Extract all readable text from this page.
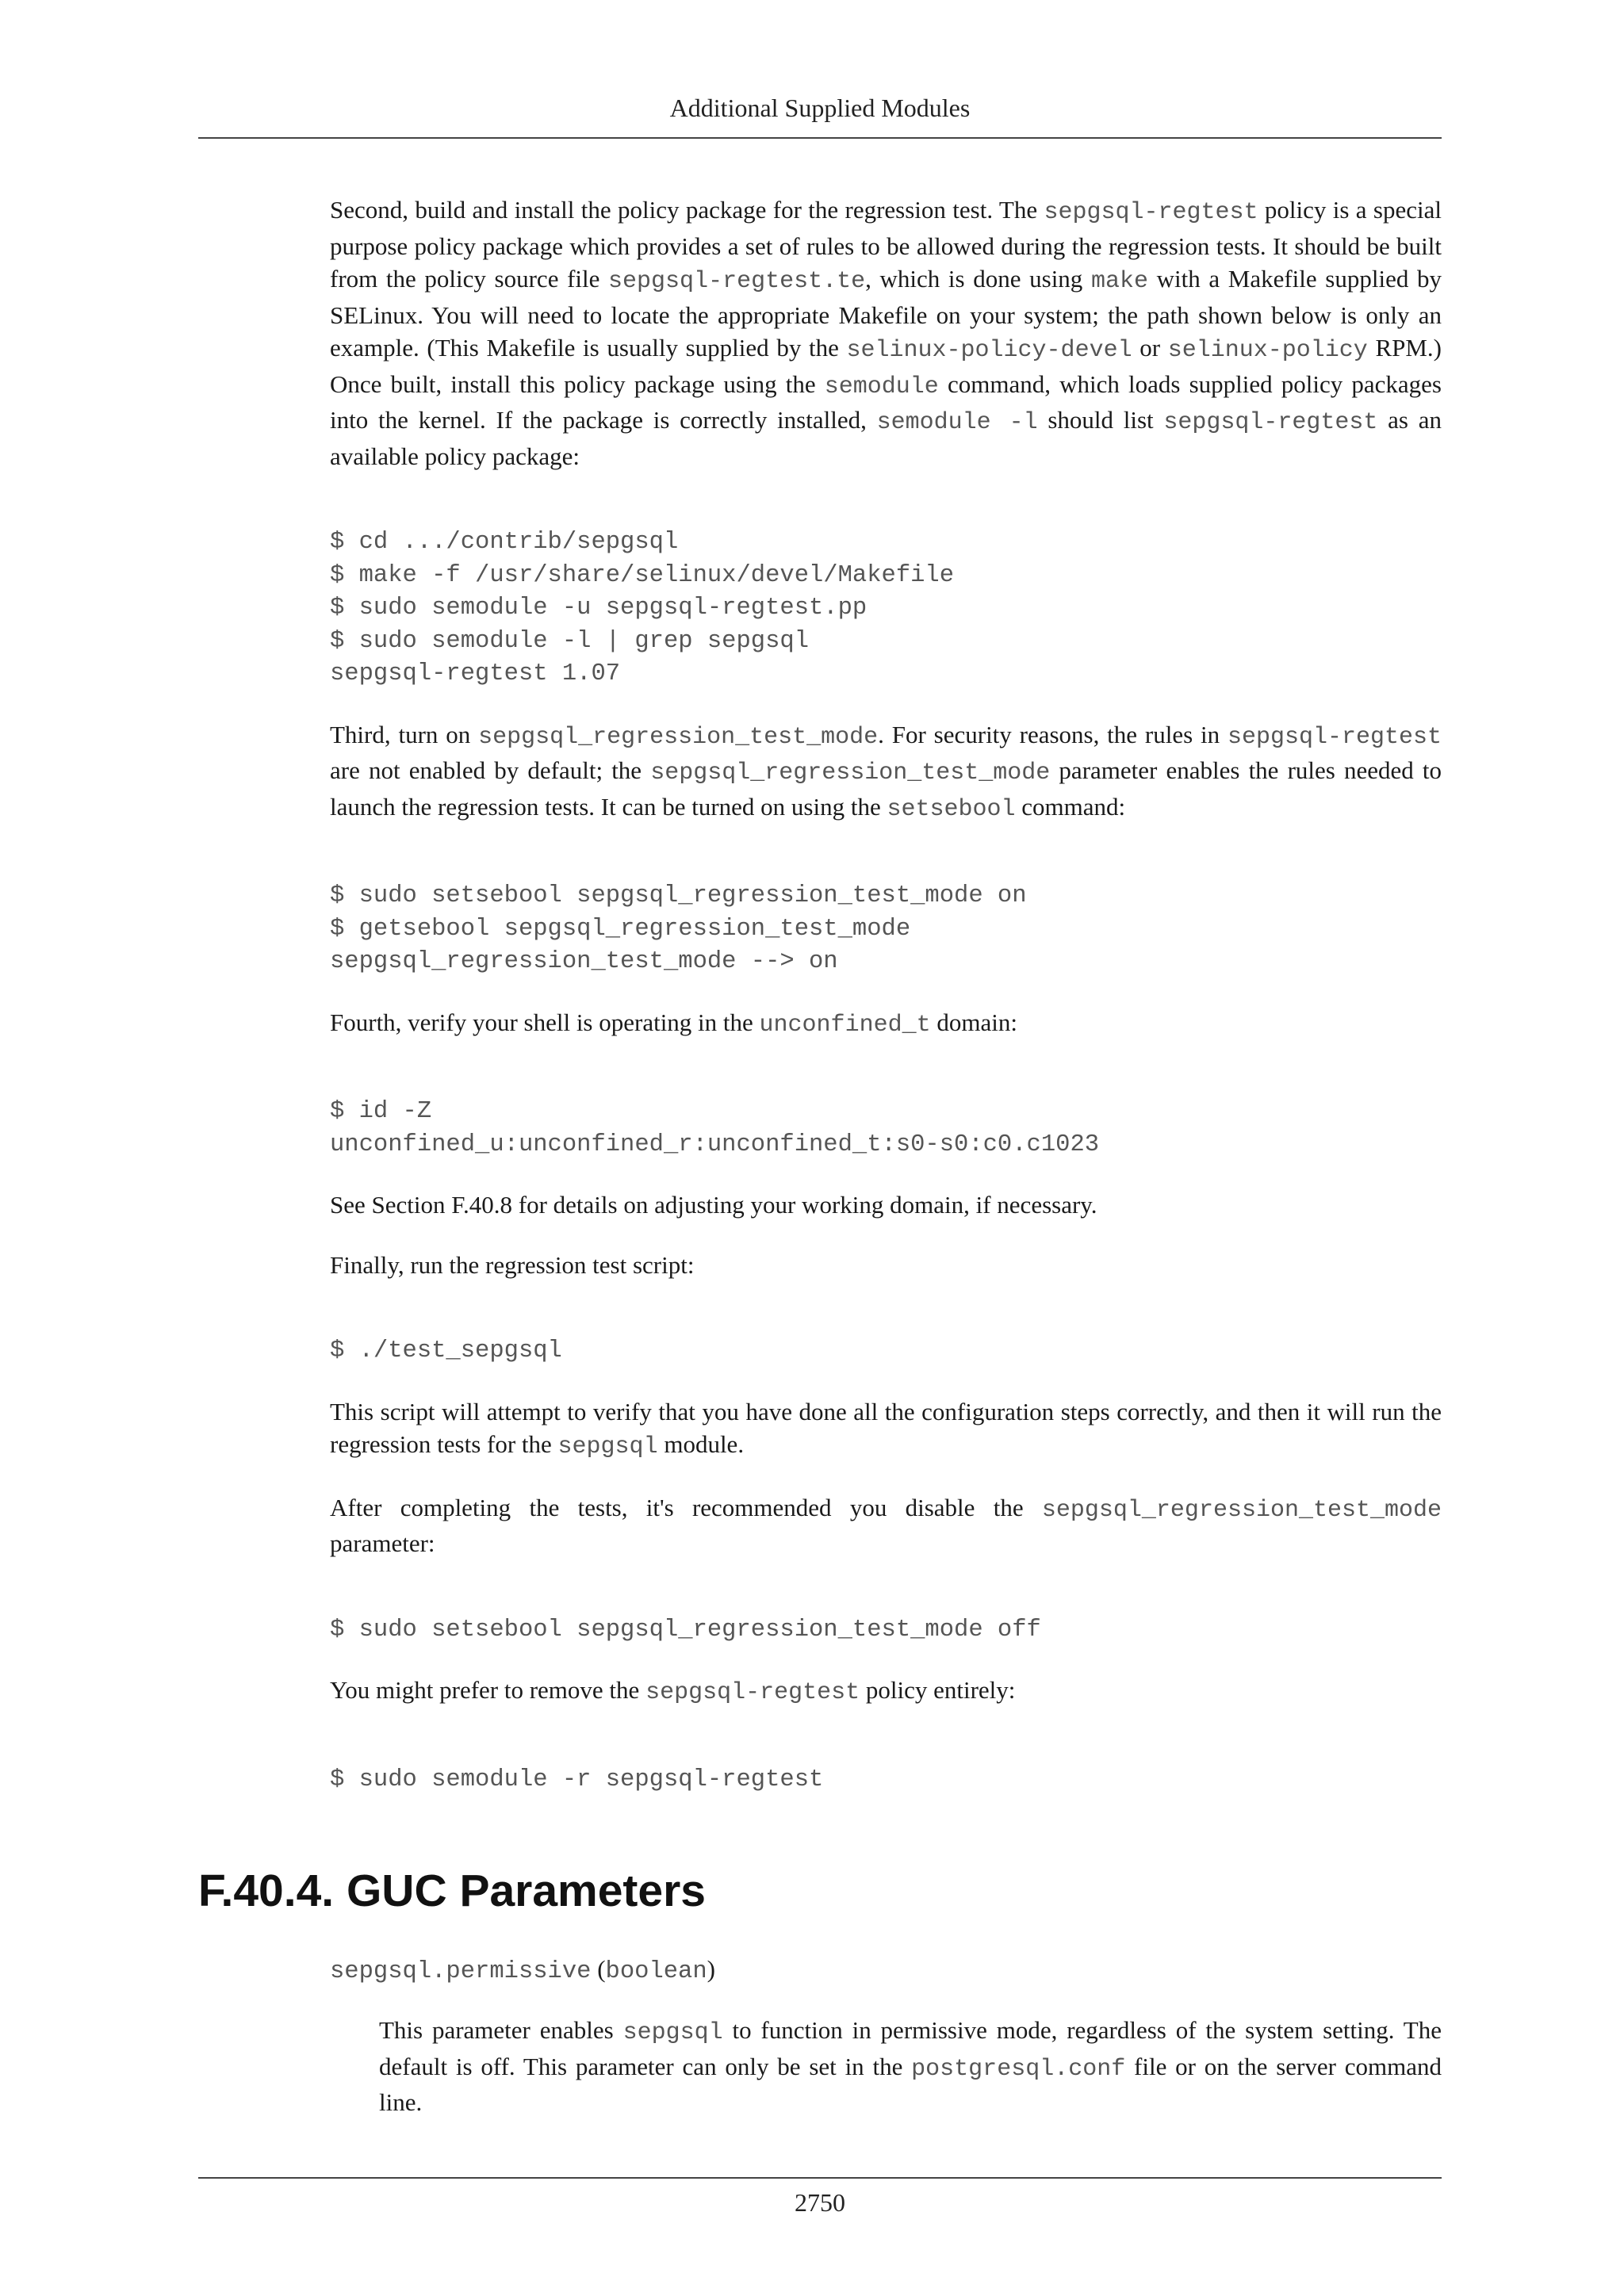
Additional Supplied Modules

Second, build and install the policy package for the regression test. The sepgsql-regtest policy is a special purpose policy package which provides a set of rules to be allowed during the regression tests. It should be built from the policy source file sepgsql-regtest.te, which is done using make with a Makefile supplied by SELinux. You will need to locate the appropriate Makefile on your system; the path shown below is only an example. (This Makefile is usually supplied by the selinux-policy-devel or selinux-policy RPM.) Once built, install this policy package using the semodule command, which loads supplied policy packages into the kernel. If the package is correctly installed, semodule -l should list sepgsql-regtest as an available policy package:

$ cd .../contrib/sepgsql
$ make -f /usr/share/selinux/devel/Makefile
$ sudo semodule -u sepgsql-regtest.pp
$ sudo semodule -l | grep sepgsql
sepgsql-regtest 1.07

Third, turn on sepgsql_regression_test_mode. For security reasons, the rules in sepgsql-regtest are not enabled by default; the sepgsql_regression_test_mode parameter enables the rules needed to launch the regression tests. It can be turned on using the setsebool command:

$ sudo setsebool sepgsql_regression_test_mode on
$ getsebool sepgsql_regression_test_mode
sepgsql_regression_test_mode --> on

Fourth, verify your shell is operating in the unconfined_t domain:

$ id -Z
unconfined_u:unconfined_r:unconfined_t:s0-s0:c0.c1023

See Section F.40.8 for details on adjusting your working domain, if necessary.

Finally, run the regression test script:

$ ./test_sepgsql

This script will attempt to verify that you have done all the configuration steps correctly, and then it will run the regression tests for the sepgsql module.

After completing the tests, it's recommended you disable the sepgsql_regression_test_mode parameter:

$ sudo setsebool sepgsql_regression_test_mode off

You might prefer to remove the sepgsql-regtest policy entirely:

$ sudo semodule -r sepgsql-regtest
F.40.4. GUC Parameters
sepgsql.permissive (boolean)

This parameter enables sepgsql to function in permissive mode, regardless of the system setting. The default is off. This parameter can only be set in the postgresql.conf file or on the server command line.

2750
